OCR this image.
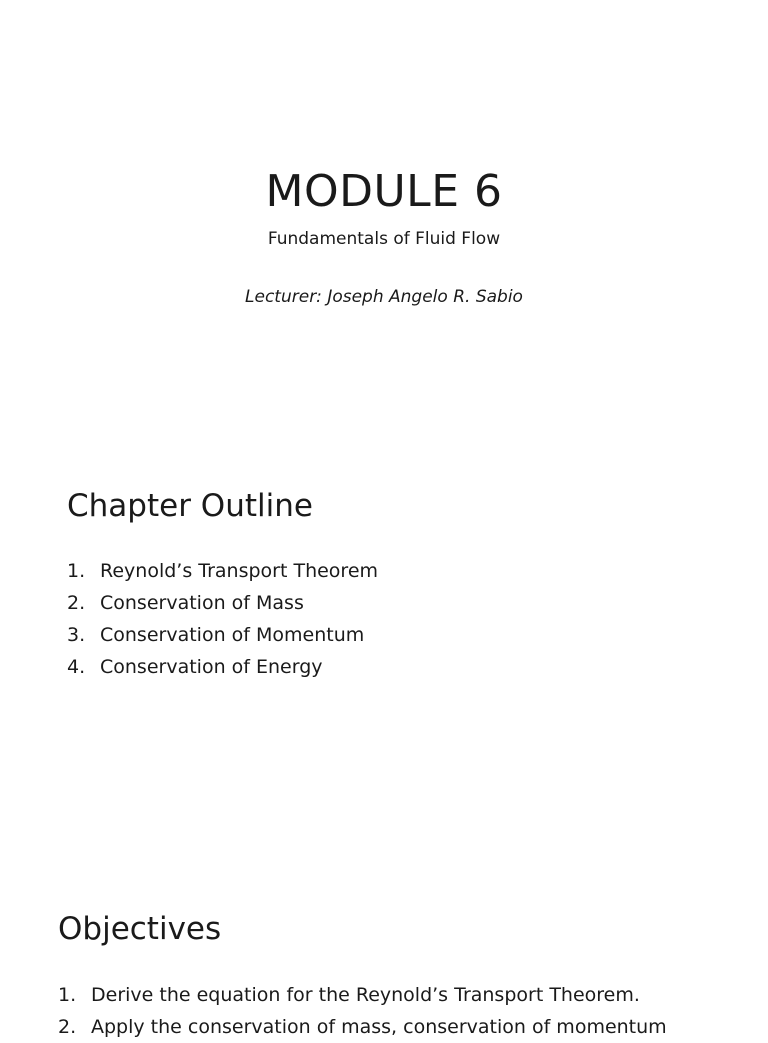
MODULE 6

Fundamentals of Fluid Flow

Lecturer: Joseph Angelo R. Sabio

Chapter Outline
1. Reynold’s Transport Theorem
2. Conservation of Mass
3. Conservation of Momentum
4. Conservation of Energy
Objectives
1. Derive the equation for the Reynold’s Transport Theorem.
2. Apply the conservation of mass, conservation of momentum
